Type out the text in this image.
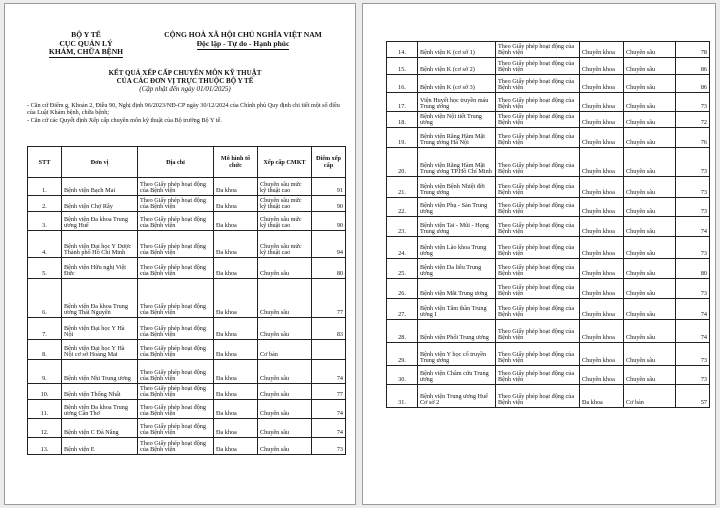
BỘ Y TẾ
CỤC QUẢN LÝ
KHÁM, CHỮA BỆNH
CỘNG HOÀ XÃ HỘI CHỦ NGHĨA VIỆT NAM
Độc lập - Tự do - Hạnh phúc
KẾT QUẢ XẾP CẤP CHUYÊN MÔN KỸ THUẬT
CỦA CÁC ĐƠN VỊ TRỰC THUỘC BỘ Y TẾ
(Cập nhật đến ngày 01/01/2025)
- Căn cứ Điểm g, Khoản 2, Điều 90, Nghị định 96/2023/NĐ-CP ngày 30/12/2024 của Chính phủ Quy định chi tiết một số điều của Luật Khám bệnh, chữa bệnh;
- Căn cứ các Quyết định Xếp cấp chuyên môn kỹ thuật của Bộ trưởng Bộ Y tế.
STT	Đơn vị	Địa chỉ	Mô hình tổ chức	Xếp cấp CMKT	Điểm xếp cấp
1.	Bệnh viện Bạch Mai	Theo Giấy phép hoạt động của Bệnh viện	Đa khoa	Chuyên sâu mức kỹ thuật cao	91
2.	Bệnh viện Chợ Rẫy	Theo Giấy phép hoạt động của Bệnh viện	Đa khoa	Chuyên sâu mức kỹ thuật cao	90
3.	Bệnh viện Đa khoa Trung ương Huế	Theo Giấy phép hoạt động của Bệnh viện	Đa khoa	Chuyên sâu mức kỹ thuật cao	90
4.	Bệnh viện Đại học Y Dược Thành phố Hồ Chí Minh	Theo Giấy phép hoạt động của Bệnh viện	Đa khoa	Chuyên sâu mức kỹ thuật cao	94
5.	Bệnh viện Hữu nghị Việt Đức	Theo Giấy phép hoạt động của Bệnh viện	Đa khoa	Chuyên sâu	80
6.	Bệnh viện Đa khoa Trung ương Thái Nguyên	Theo Giấy phép hoạt động của Bệnh viện	Đa khoa	Chuyên sâu	77
7.	Bệnh viện Đại học Y Hà Nội	Theo Giấy phép hoạt động của Bệnh viện	Đa khoa	Chuyên sâu	83
8.	Bệnh viện Đại học Y Hà Nội cơ sở Hoàng Mai	Theo Giấy phép hoạt động của Bệnh viện	Đa khoa	Cơ bản	
9.	Bệnh viện Nhi Trung ương	Theo Giấy phép hoạt động của Bệnh viện	Đa khoa	Chuyên sâu	74
10.	Bệnh viện Thống Nhất	Theo Giấy phép hoạt động của Bệnh viện	Đa khoa	Chuyên sâu	77
11.	Bệnh viện Đa khoa Trung ương Cần Thơ	Theo Giấy phép hoạt động của Bệnh viện	Đa khoa	Chuyên sâu	74
12.	Bệnh viện C Đà Nẵng	Theo Giấy phép hoạt động của Bệnh viện	Đa khoa	Chuyên sâu	74
13.	Bệnh viện E	Theo Giấy phép hoạt động của Bệnh viện	Đa khoa	Chuyên sâu	73
14.	Bệnh viện K (cơ sở 1)	Theo Giấy phép hoạt động của Bệnh viện	Chuyên khoa	Chuyên sâu	78
15.	Bệnh viện K (cơ sở 2)	Theo Giấy phép hoạt động của Bệnh viện	Chuyên khoa	Chuyên sâu	86
16.	Bệnh viện K (cơ sở 3)	Theo Giấy phép hoạt động của Bệnh viện	Chuyên khoa	Chuyên sâu	86
17.	Viện Huyết học truyền máu Trung ương	Theo Giấy phép hoạt động của Bệnh viện	Chuyên khoa	Chuyên sâu	73
18.	Bệnh viện Nội tiết Trung ương	Theo Giấy phép hoạt động của Bệnh viện	Chuyên khoa	Chuyên sâu	72
19.	Bệnh viện Răng Hàm Mặt Trung ương Hà Nội	Theo Giấy phép hoạt động của Bệnh viện	Chuyên khoa	Chuyên sâu	76
20.	Bệnh viện Răng Hàm Mặt Trung ương TP.Hồ Chí Minh	Theo Giấy phép hoạt động của Bệnh viện	Chuyên khoa	Chuyên sâu	73
21.	Bệnh viện Bệnh Nhiệt đới Trung ương	Theo Giấy phép hoạt động của Bệnh viện	Chuyên khoa	Chuyên sâu	73
22.	Bệnh viện Phụ - Sản Trung ương	Theo Giấy phép hoạt động của Bệnh viện	Chuyên khoa	Chuyên sâu	73
23.	Bệnh viện Tai - Mũi - Họng Trung ương	Theo Giấy phép hoạt động của Bệnh viện	Chuyên khoa	Chuyên sâu	74
24.	Bệnh viện Lão khoa Trung ương	Theo Giấy phép hoạt động của Bệnh viện	Chuyên khoa	Chuyên sâu	73
25.	Bệnh viện Da liễu Trung ương	Theo Giấy phép hoạt động của Bệnh viện	Chuyên khoa	Chuyên sâu	80
26.	Bệnh viện Mắt Trung ương	Theo Giấy phép hoạt động của Bệnh viện	Chuyên khoa	Chuyên sâu	73
27.	Bệnh viện Tâm thần Trung ương I	Theo Giấy phép hoạt động của Bệnh viện	Chuyên khoa	Chuyên sâu	74
28.	Bệnh viện Phổi Trung ương	Theo Giấy phép hoạt động của Bệnh viện	Chuyên khoa	Chuyên sâu	74
29.	Bệnh viện Y học cổ truyền Trung ương	Theo Giấy phép hoạt động của Bệnh viện	Chuyên khoa	Chuyên sâu	73
30.	Bệnh viện Châm cứu Trung ương	Theo Giấy phép hoạt động của Bệnh viện	Chuyên khoa	Chuyên sâu	73
31.	Bệnh viện Trung ương Huế Cơ sở 2	Theo Giấy phép hoạt động của Bệnh viện	Đa khoa	Cơ bản	57
